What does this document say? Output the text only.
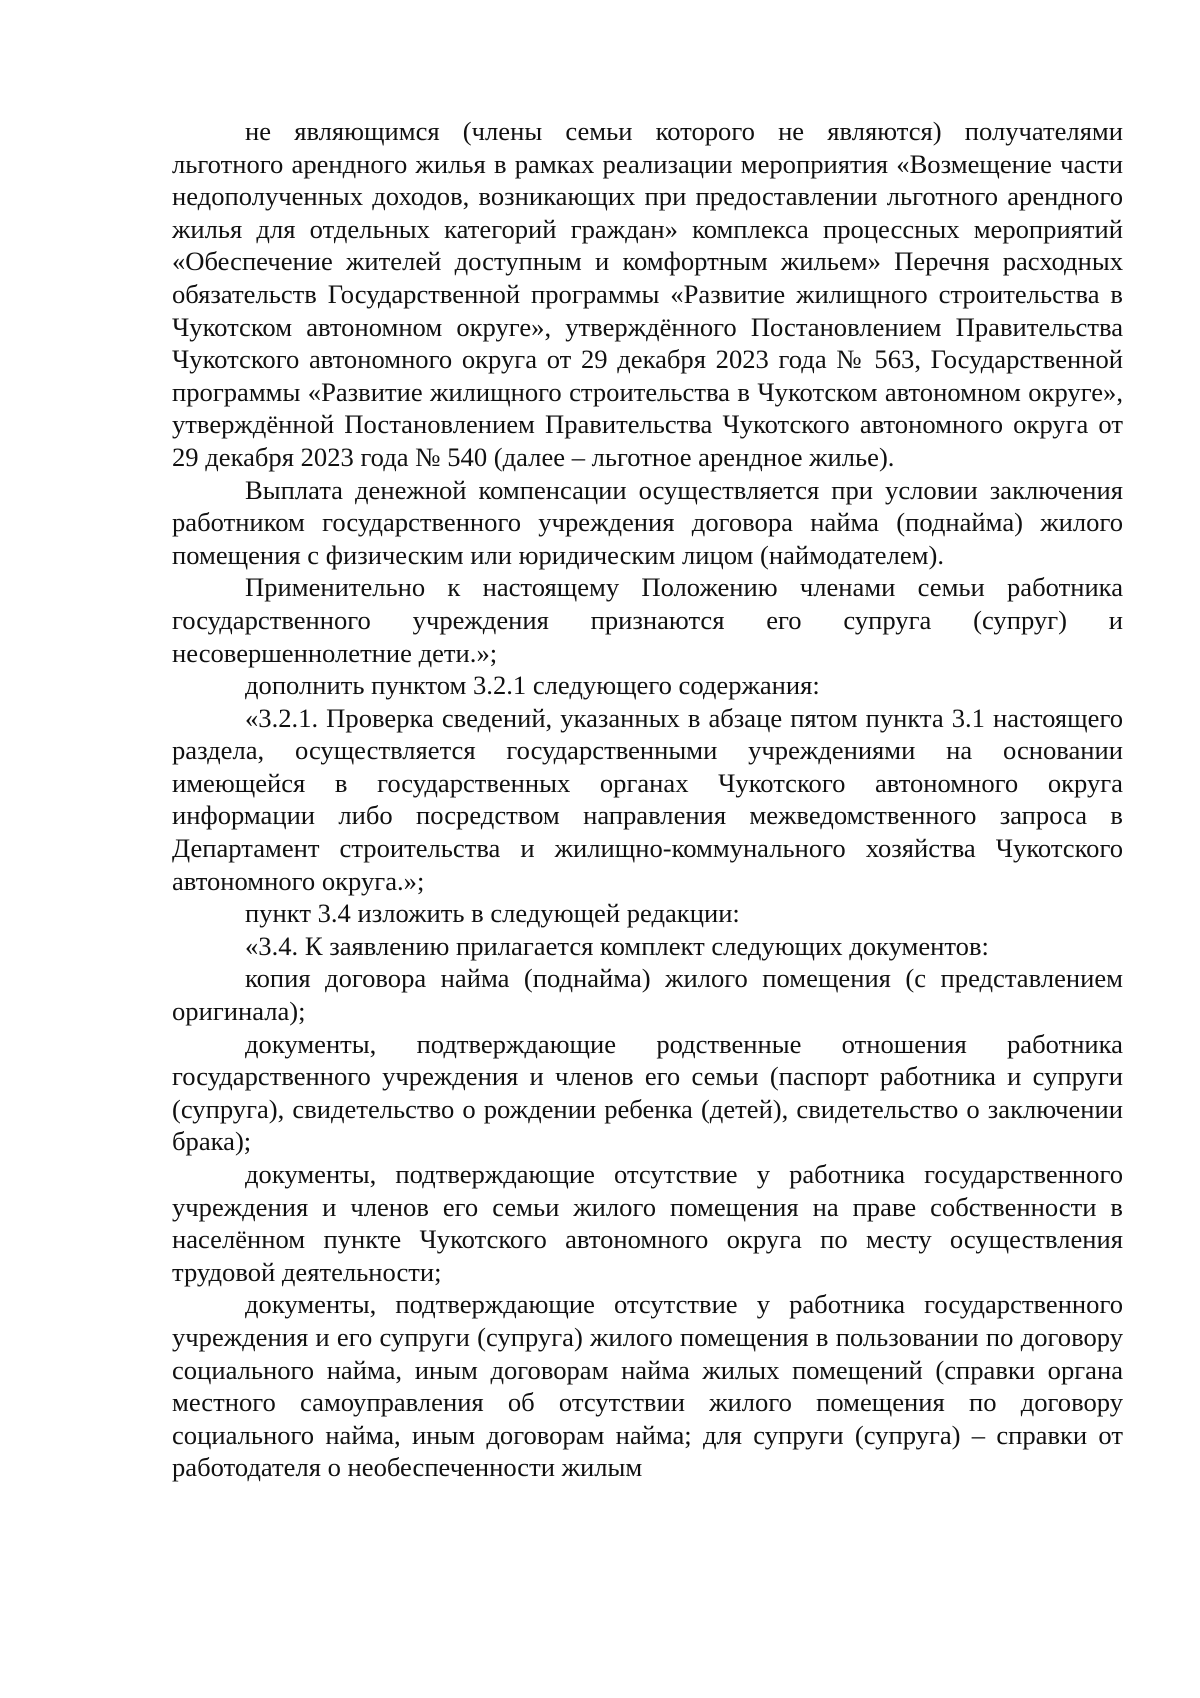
не являющимся (члены семьи которого не являются) получателями льготного арендного жилья в рамках реализации мероприятия «Возмещение части недополученных доходов, возникающих при предоставлении льготного арендного жилья для отдельных категорий граждан» комплекса процессных мероприятий «Обеспечение жителей доступным и комфортным жильем» Перечня расходных обязательств Государственной программы «Развитие жилищного строительства в Чукотском автономном округе», утверждённого Постановлением Правительства Чукотского автономного округа от 29 декабря 2023 года № 563, Государственной программы «Развитие жилищного строительства в Чукотском автономном округе», утверждённой Постановлением Правительства Чукотского автономного округа от 29 декабря 2023 года № 540 (далее – льготное арендное жилье).

Выплата денежной компенсации осуществляется при условии заключения работником государственного учреждения договора найма (поднайма) жилого помещения с физическим или юридическим лицом (наймодателем).

Применительно к настоящему Положению членами семьи работника государственного учреждения признаются его супруга (супруг) и несовершеннолетние дети.»;

дополнить пунктом 3.2.1 следующего содержания:

«3.2.1. Проверка сведений, указанных в абзаце пятом пункта 3.1 настоящего раздела, осуществляется государственными учреждениями на основании имеющейся в государственных органах Чукотского автономного округа информации либо посредством направления межведомственного запроса в Департамент строительства и жилищно-коммунального хозяйства Чукотского автономного округа.»;

пункт 3.4 изложить в следующей редакции:

«3.4. К заявлению прилагается комплект следующих документов:

копия договора найма (поднайма) жилого помещения (с представлением оригинала);

документы, подтверждающие родственные отношения работника государственного учреждения и членов его семьи (паспорт работника и супруги (супруга), свидетельство о рождении ребенка (детей), свидетельство о заключении брака);

документы, подтверждающие отсутствие у работника государственного учреждения и членов его семьи жилого помещения на праве собственности в населённом пункте Чукотского автономного округа по месту осуществления трудовой деятельности;

документы, подтверждающие отсутствие у работника государственного учреждения и его супруги (супруга) жилого помещения в пользовании по договору социального найма, иным договорам найма жилых помещений (справки органа местного самоуправления об отсутствии жилого помещения по договору социального найма, иным договорам найма; для супруги (супруга) – справки от работодателя о необеспеченности жилым
